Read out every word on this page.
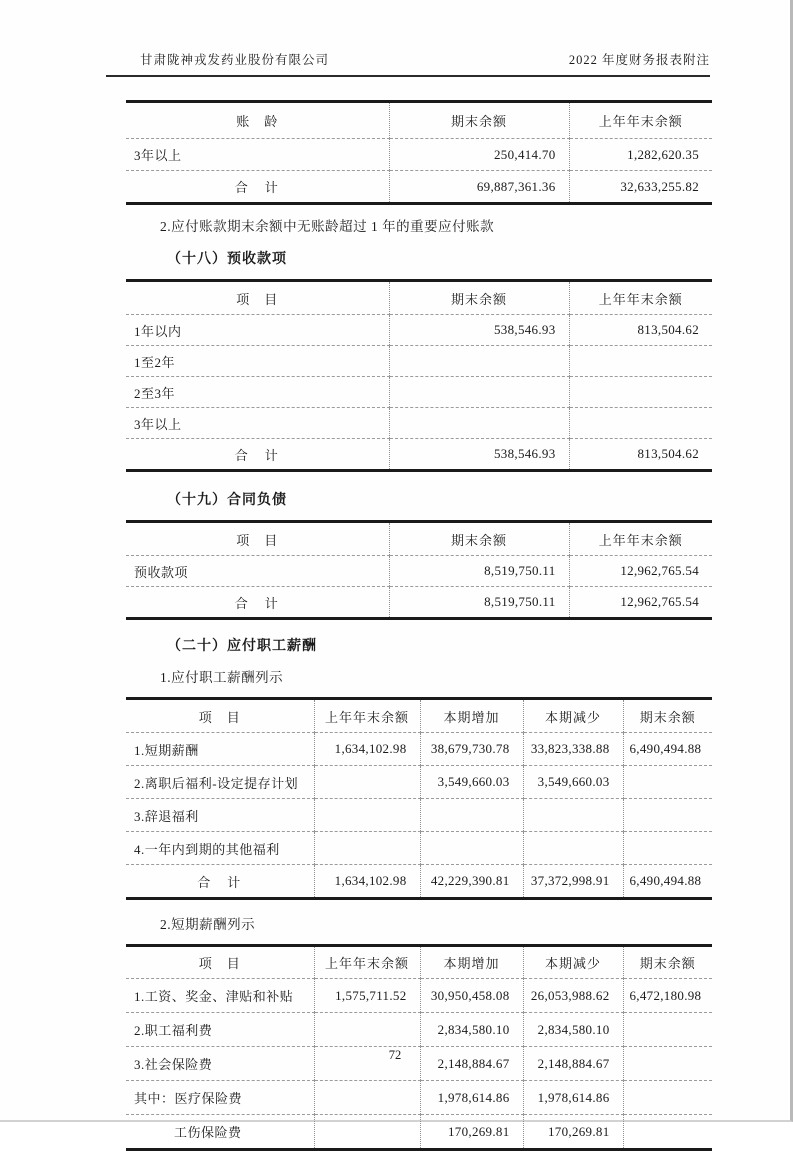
甘肃陇神戎发药业股份有限公司	2022 年度财务报表附注
账　龄	期末余额	上年年末余额
3年以上	250,414.70	1,282,620.35
合　计	69,887,361.36	32,633,255.82
2.应付账款期末余额中无账龄超过 1 年的重要应付账款
（十八）预收款项
项　目	期末余额	上年年末余额
1年以内	538,546.93	813,504.62
1至2年		
2至3年		
3年以上		
合　计	538,546.93	813,504.62
（十九）合同负债
项　目	期末余额	上年年末余额
预收款项	8,519,750.11	12,962,765.54
合　计	8,519,750.11	12,962,765.54
（二十）应付职工薪酬
1.应付职工薪酬列示
项　目	上年年末余额	本期增加	本期减少	期末余额
1.短期薪酬	1,634,102.98	38,679,730.78	33,823,338.88	6,490,494.88
2.离职后福利-设定提存计划		3,549,660.03	3,549,660.03	
3.辞退福利				
4.一年内到期的其他福利				
合　计	1,634,102.98	42,229,390.81	37,372,998.91	6,490,494.88
2.短期薪酬列示
项　目	上年年末余额	本期增加	本期减少	期末余额
1.工资、奖金、津贴和补贴	1,575,711.52	30,950,458.08	26,053,988.62	6,472,180.98
2.职工福利费		2,834,580.10	2,834,580.10	
3.社会保险费		2,148,884.67	2,148,884.67	
其中：医疗保险费		1,978,614.86	1,978,614.86	
工伤保险费		170,269.81	170,269.81	
72
